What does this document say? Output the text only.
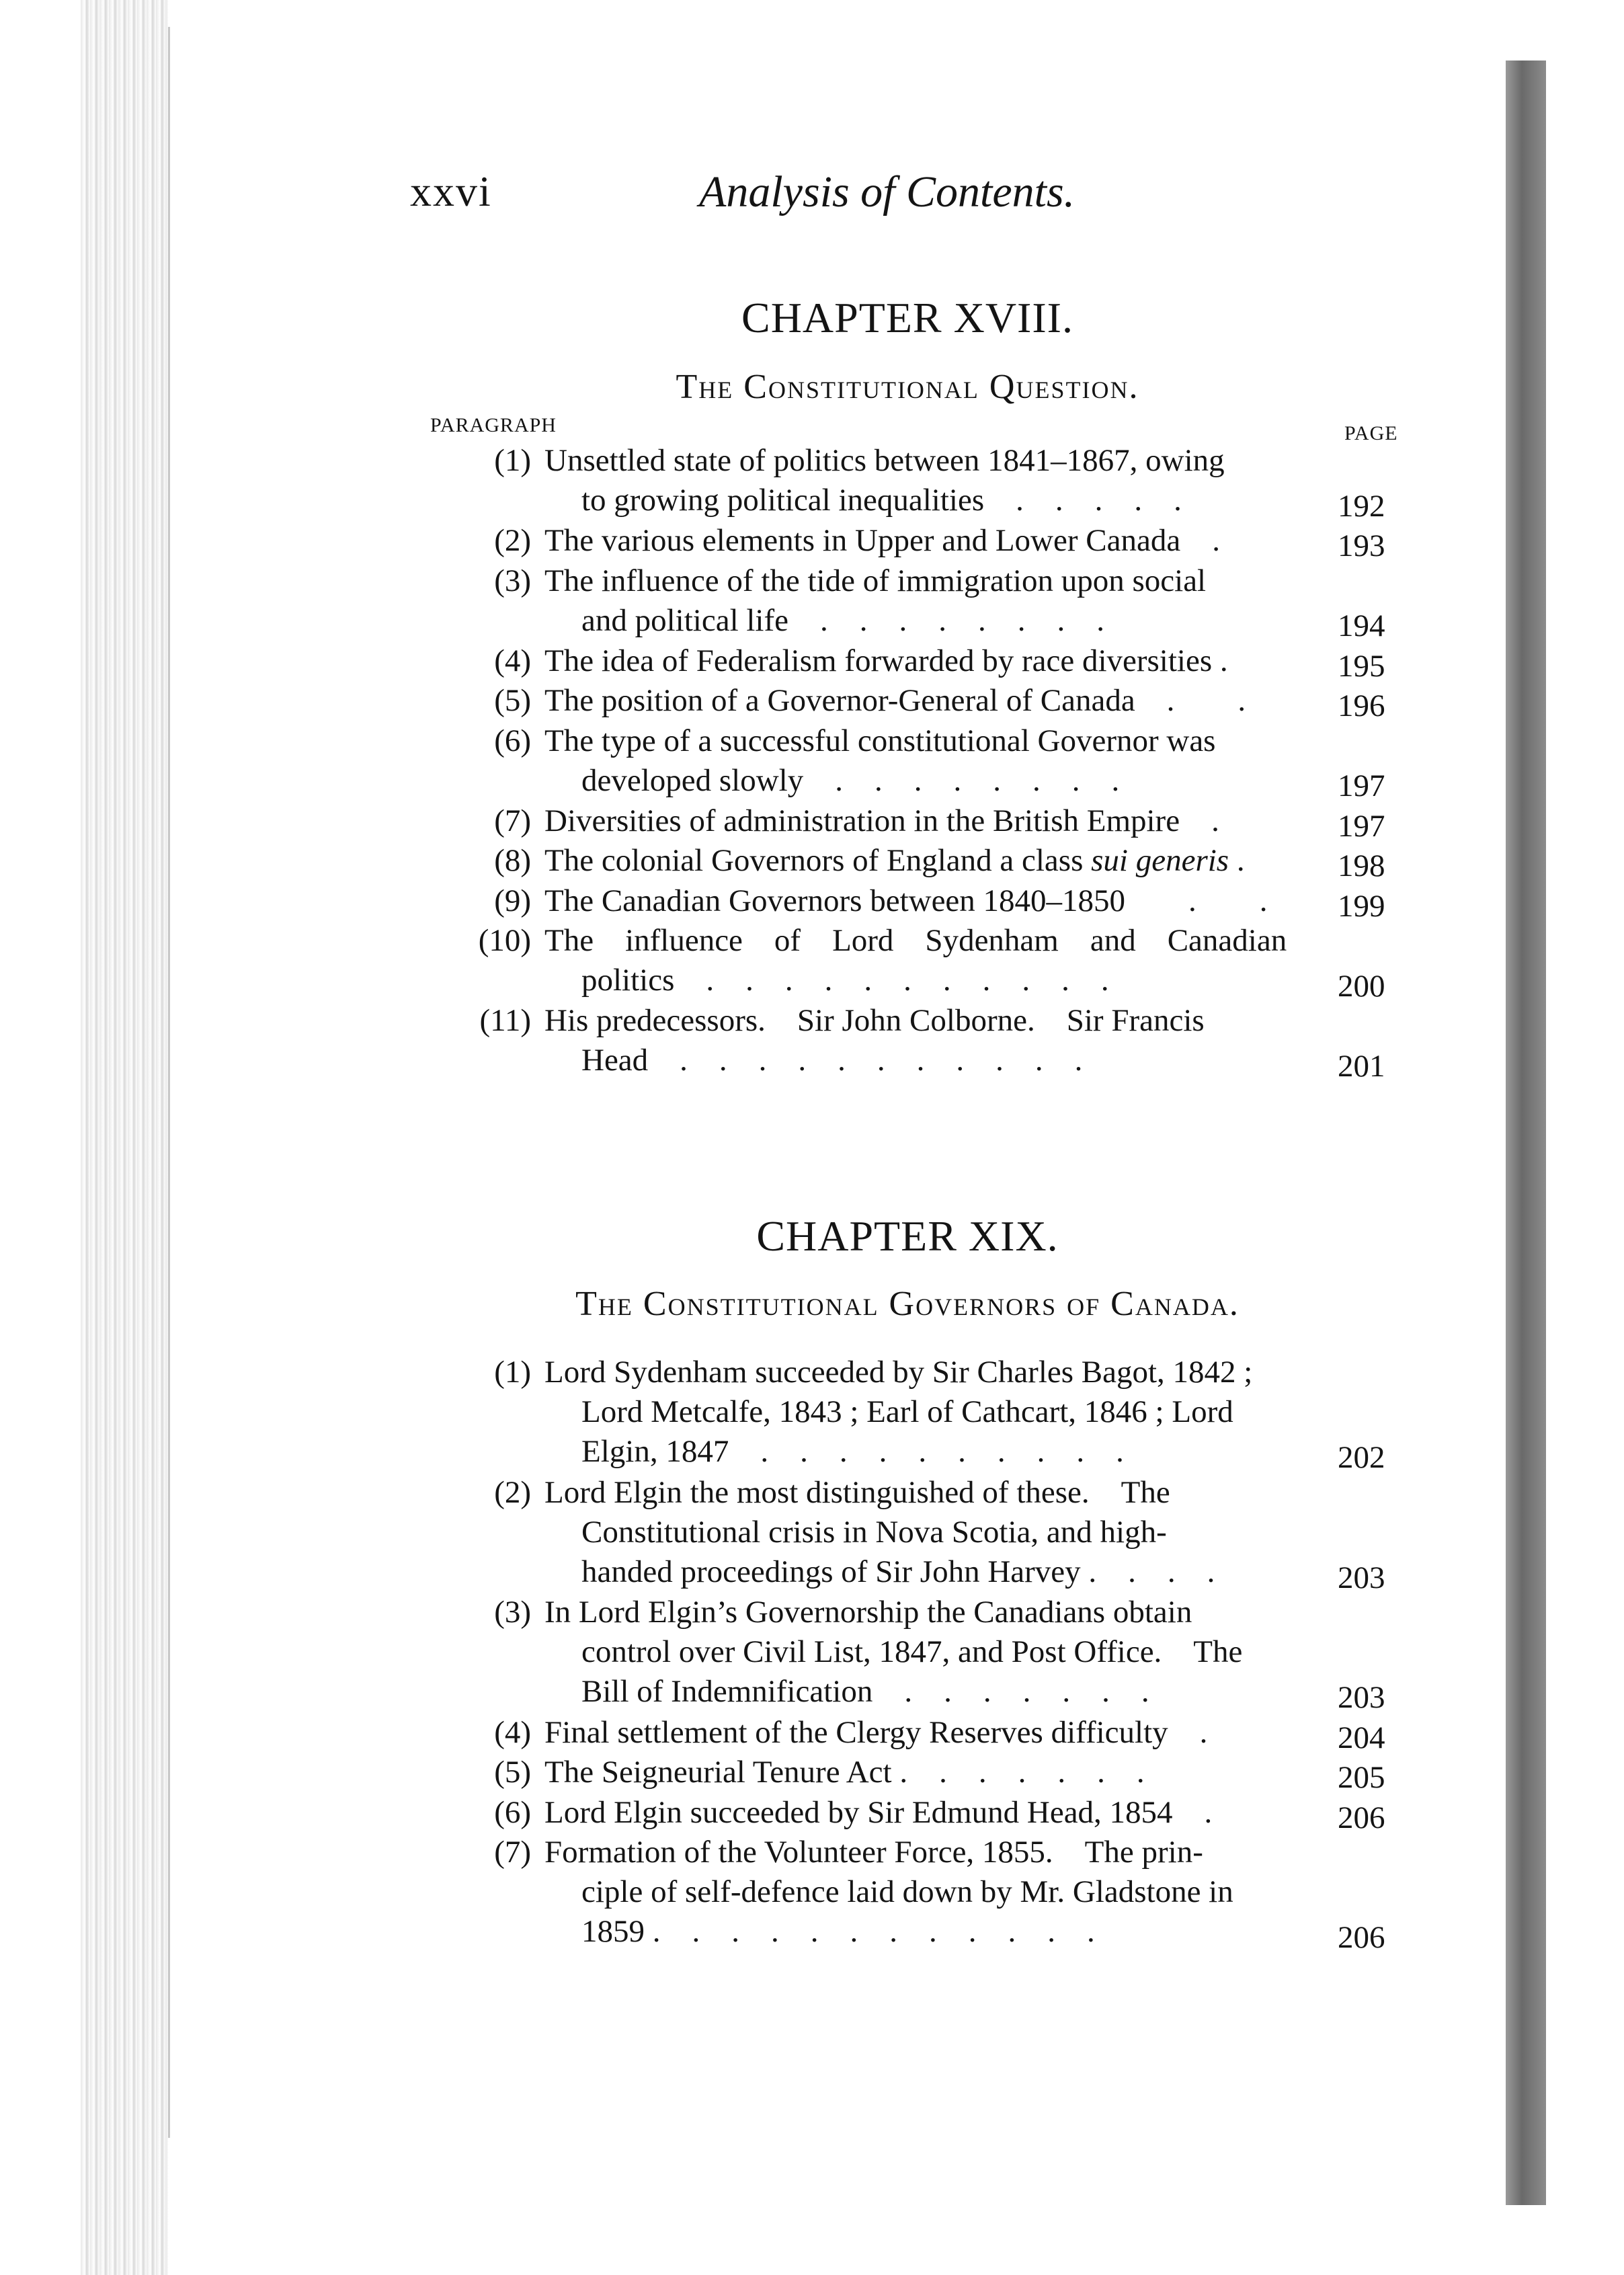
xxvi	Analysis of Contents.
CHAPTER XVIII.
The Constitutional Question.
PARAGRAPH	PAGE
(1) Unsettled state of politics between 1841–1867, owing
to growing political inequalities . . . . .	192
(2) The various elements in Upper and Lower Canada .	193
(3) The influence of the tide of immigration upon social
and political life . . . . . . . .	194
(4) The idea of Federalism forwarded by race diversities .	195
(5) The position of a Governor-General of Canada .  .	196
(6) The type of a successful constitutional Governor was
developed slowly . . . . . . . .	197
(7) Diversities of administration in the British Empire .	197
(8) The colonial Governors of England a class sui generis .	198
(9) The Canadian Governors between 1840–1850  .  .	199
(10) The influence of Lord Sydenham and Canadian
politics . . . . . . . . . . .	200
(11) His predecessors. Sir John Colborne. Sir Francis
Head . . . . . . . . . . .	201
CHAPTER XIX.
The Constitutional Governors of Canada.
(1) Lord Sydenham succeeded by Sir Charles Bagot, 1842 ;
Lord Metcalfe, 1843 ; Earl of Cathcart, 1846 ; Lord
Elgin, 1847 . . . . . . . . . .	202
(2) Lord Elgin the most distinguished of these. The
Constitutional crisis in Nova Scotia, and high-
handed proceedings of Sir John Harvey . . . .	203
(3) In Lord Elgin’s Governorship the Canadians obtain
control over Civil List, 1847, and Post Office. The
Bill of Indemnification . . . . . . .	203
(4) Final settlement of the Clergy Reserves difficulty .	204
(5) The Seigneurial Tenure Act . . . . . . .	205
(6) Lord Elgin succeeded by Sir Edmund Head, 1854 .	206
(7) Formation of the Volunteer Force, 1855. The prin-
ciple of self-defence laid down by Mr. Gladstone in
1859 . . . . . . . . . . . .	206
